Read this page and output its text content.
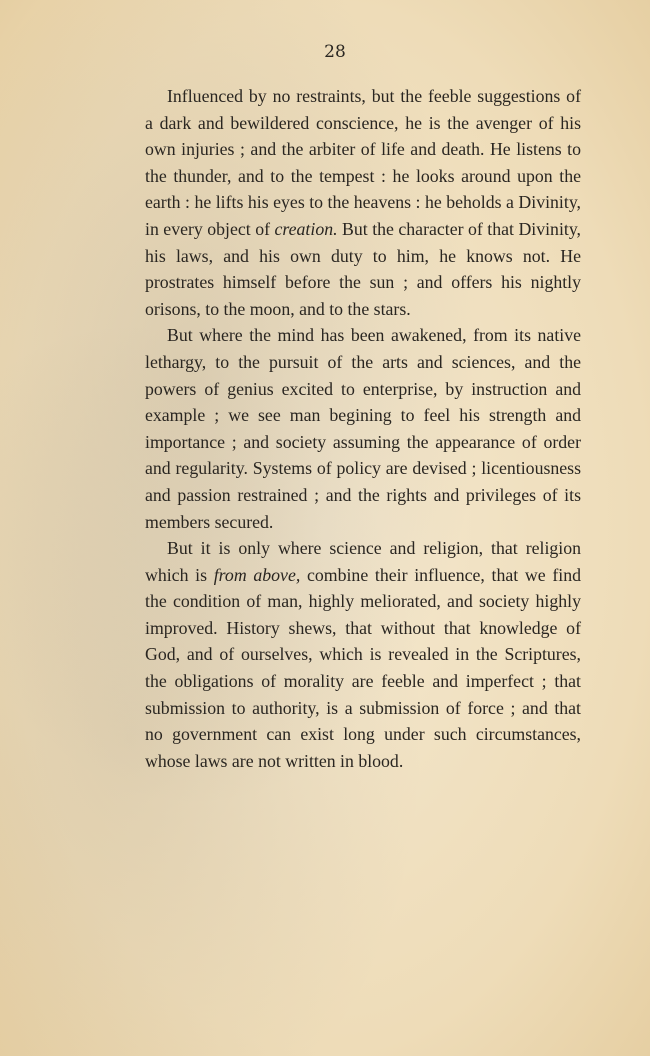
28

Influenced by no restraints, but the feeble suggestions of a dark and bewildered conscience, he is the avenger of his own injuries ; and the arbiter of life and death. He listens to the thunder, and to the tempest : he looks around upon the earth : he lifts his eyes to the heavens : he beholds a Divinity, in every object of creation. But the character of that Divinity, his laws, and his own duty to him, he knows not. He prostrates himself before the sun ; and offers his nightly orisons, to the moon, and to the stars.

But where the mind has been awakened, from its native lethargy, to the pursuit of the arts and sciences, and the powers of genius excited to enterprise, by instruction and example ; we see man begining to feel his strength and importance ; and society assuming the appearance of order and regularity. Systems of policy are devised ; licentiousness and passion restrained ; and the rights and privileges of its members secured.

But it is only where science and religion, that religion which is from above, combine their influence, that we find the condition of man, highly meliorated, and society highly improved. History shews, that without that knowledge of God, and of ourselves, which is revealed in the Scriptures, the obligations of morality are feeble and imperfect ; that submission to authority, is a submission of force ; and that no government can exist long under such circumstances, whose laws are not written in blood.
